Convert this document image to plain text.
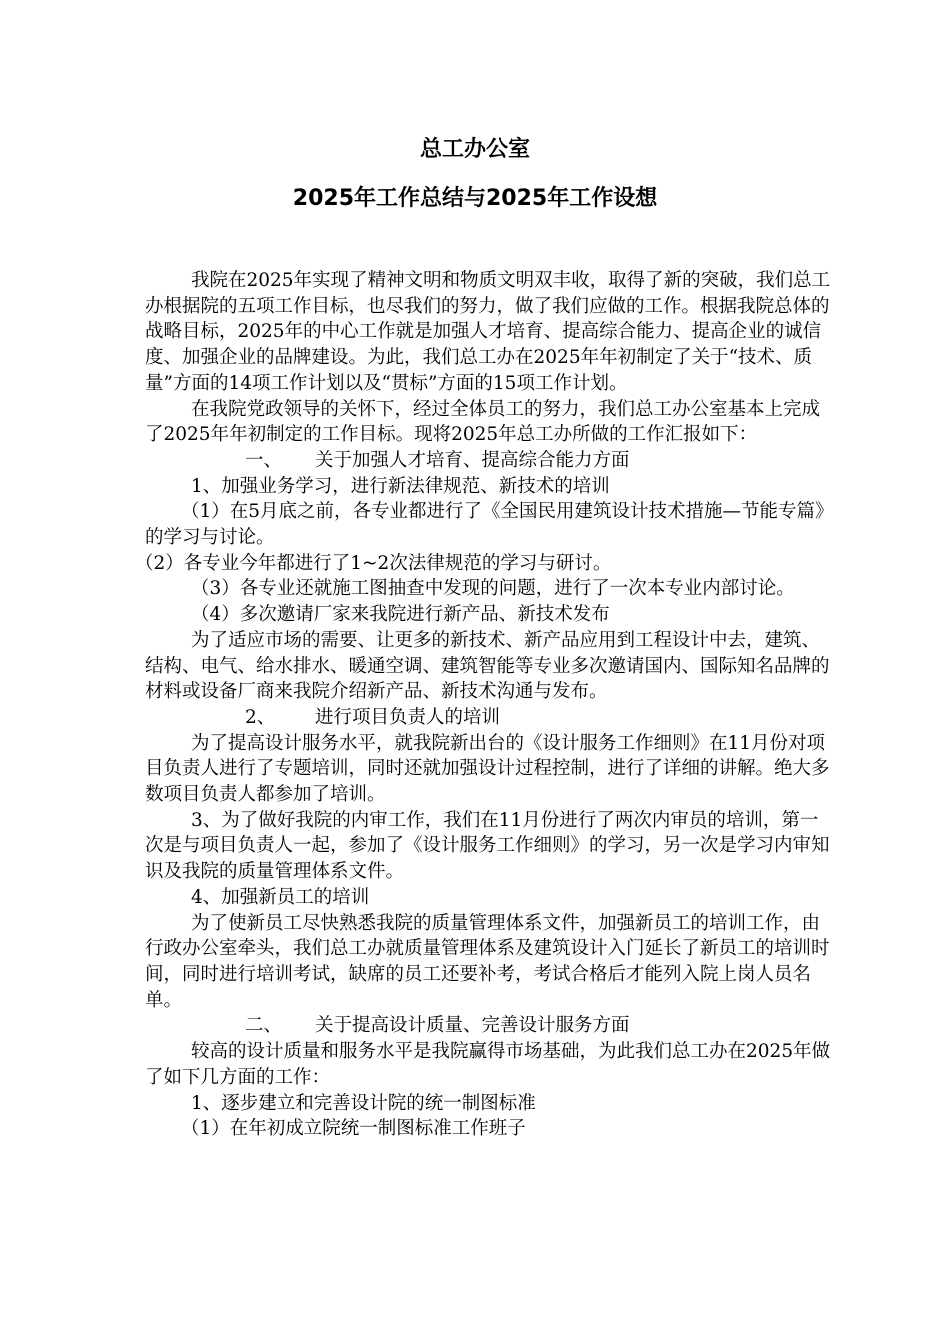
总工办公室
2025年工作总结与2025年工作设想

我院在2025年实现了精神文明和物质文明双丰收，取得了新的突破，我们总工办根据院的五项工作目标，也尽我们的努力，做了我们应做的工作。根据我院总体的战略目标，2025年的中心工作就是加强人才培育、提高综合能力、提高企业的诚信度、加强企业的品牌建设。为此，我们总工办在2025年年初制定了关于“技术、质量”方面的14项工作计划以及“贯标”方面的15项工作计划。

在我院党政领导的关怀下，经过全体员工的努力，我们总工办公室基本上完成了2025年年初制定的工作目标。现将2025年总工办所做的工作汇报如下：

一、 关于加强人才培育、提高综合能力方面

1、加强业务学习，进行新法律规范、新技术的培训

（1）在5月底之前，各专业都进行了《全国民用建筑设计技术措施—节能专篇》的学习与讨论。

（2）各专业今年都进行了1~2次法律规范的学习与研讨。

（3）各专业还就施工图抽查中发现的问题，进行了一次本专业内部讨论。

（4）多次邀请厂家来我院进行新产品、新技术发布

为了适应市场的需要、让更多的新技术、新产品应用到工程设计中去，建筑、结构、电气、给水排水、暖通空调、建筑智能等专业多次邀请国内、国际知名品牌的材料或设备厂商来我院介绍新产品、新技术沟通与发布。

2、 进行项目负责人的培训

为了提高设计服务水平，就我院新出台的《设计服务工作细则》在11月份对项目负责人进行了专题培训，同时还就加强设计过程控制，进行了详细的讲解。绝大多数项目负责人都参加了培训。

3、为了做好我院的内审工作，我们在11月份进行了两次内审员的培训，第一次是与项目负责人一起，参加了《设计服务工作细则》的学习，另一次是学习内审知识及我院的质量管理体系文件。

4、加强新员工的培训

为了使新员工尽快熟悉我院的质量管理体系文件，加强新员工的培训工作，由行政办公室牵头，我们总工办就质量管理体系及建筑设计入门延长了新员工的培训时间，同时进行培训考试，缺席的员工还要补考，考试合格后才能列入院上岗人员名单。

二、 关于提高设计质量、完善设计服务方面

较高的设计质量和服务水平是我院赢得市场基础，为此我们总工办在2025年做了如下几方面的工作：

1、逐步建立和完善设计院的统一制图标准

（1）在年初成立院统一制图标准工作班子
